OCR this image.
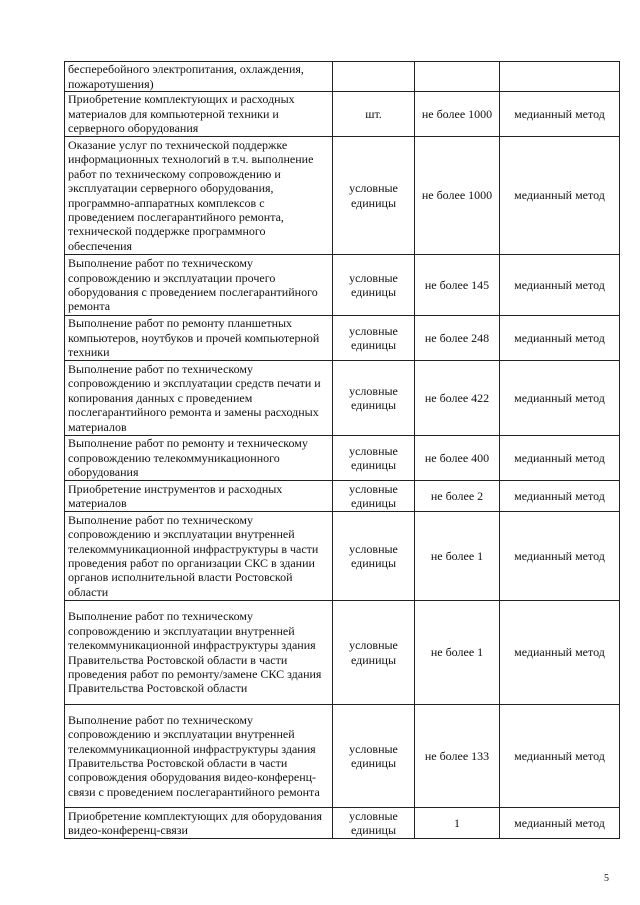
бесперебойного электропитания, охлаждения, пожаротушения)			
Приобретение комплектующих и расходных материалов для компьютерной техники и серверного оборудования	шт.	не более 1000	медианный метод
Оказание услуг по технической поддержке информационных технологий в т.ч. выполнение работ по техническому сопровождению и эксплуатации серверного оборудования, программно-аппаратных комплексов с проведением послегарантийного ремонта, технической поддержке программного обеспечения	условные единицы	не более 1000	медианный метод
Выполнение работ по техническому сопровождению и эксплуатации прочего оборудования с проведением послегарантийного ремонта	условные единицы	не более 145	медианный метод
Выполнение работ по ремонту планшетных компьютеров, ноутбуков и прочей компьютерной техники	условные единицы	не более 248	медианный метод
Выполнение работ по техническому сопровождению и эксплуатации средств печати и копирования данных с проведением послегарантийного ремонта и замены расходных материалов	условные единицы	не более 422	медианный метод
Выполнение работ по ремонту и техническому сопровождению телекоммуникационного оборудования	условные единицы	не более 400	медианный метод
Приобретение инструментов и расходных материалов	условные единицы	не более 2	медианный метод
Выполнение работ по техническому сопровождению и эксплуатации внутренней телекоммуникационной инфраструктуры в части проведения работ по организации СКС в здании органов исполнительной власти Ростовской области	условные единицы	не более 1	медианный метод
Выполнение работ по техническому сопровождению и эксплуатации внутренней телекоммуникационной инфраструктуры здания Правительства Ростовской области в части проведения работ по ремонту/замене СКС здания Правительства Ростовской области	условные единицы	не более 1	медианный метод
Выполнение работ по техническому сопровождению и эксплуатации внутренней телекоммуникационной инфраструктуры здания Правительства Ростовской области в части сопровождения оборудования видео-конференц-связи с проведением послегарантийного ремонта	условные единицы	не более 133	медианный метод
Приобретение комплектующих для оборудования видео-конференц-связи	условные единицы	1	медианный метод
5
